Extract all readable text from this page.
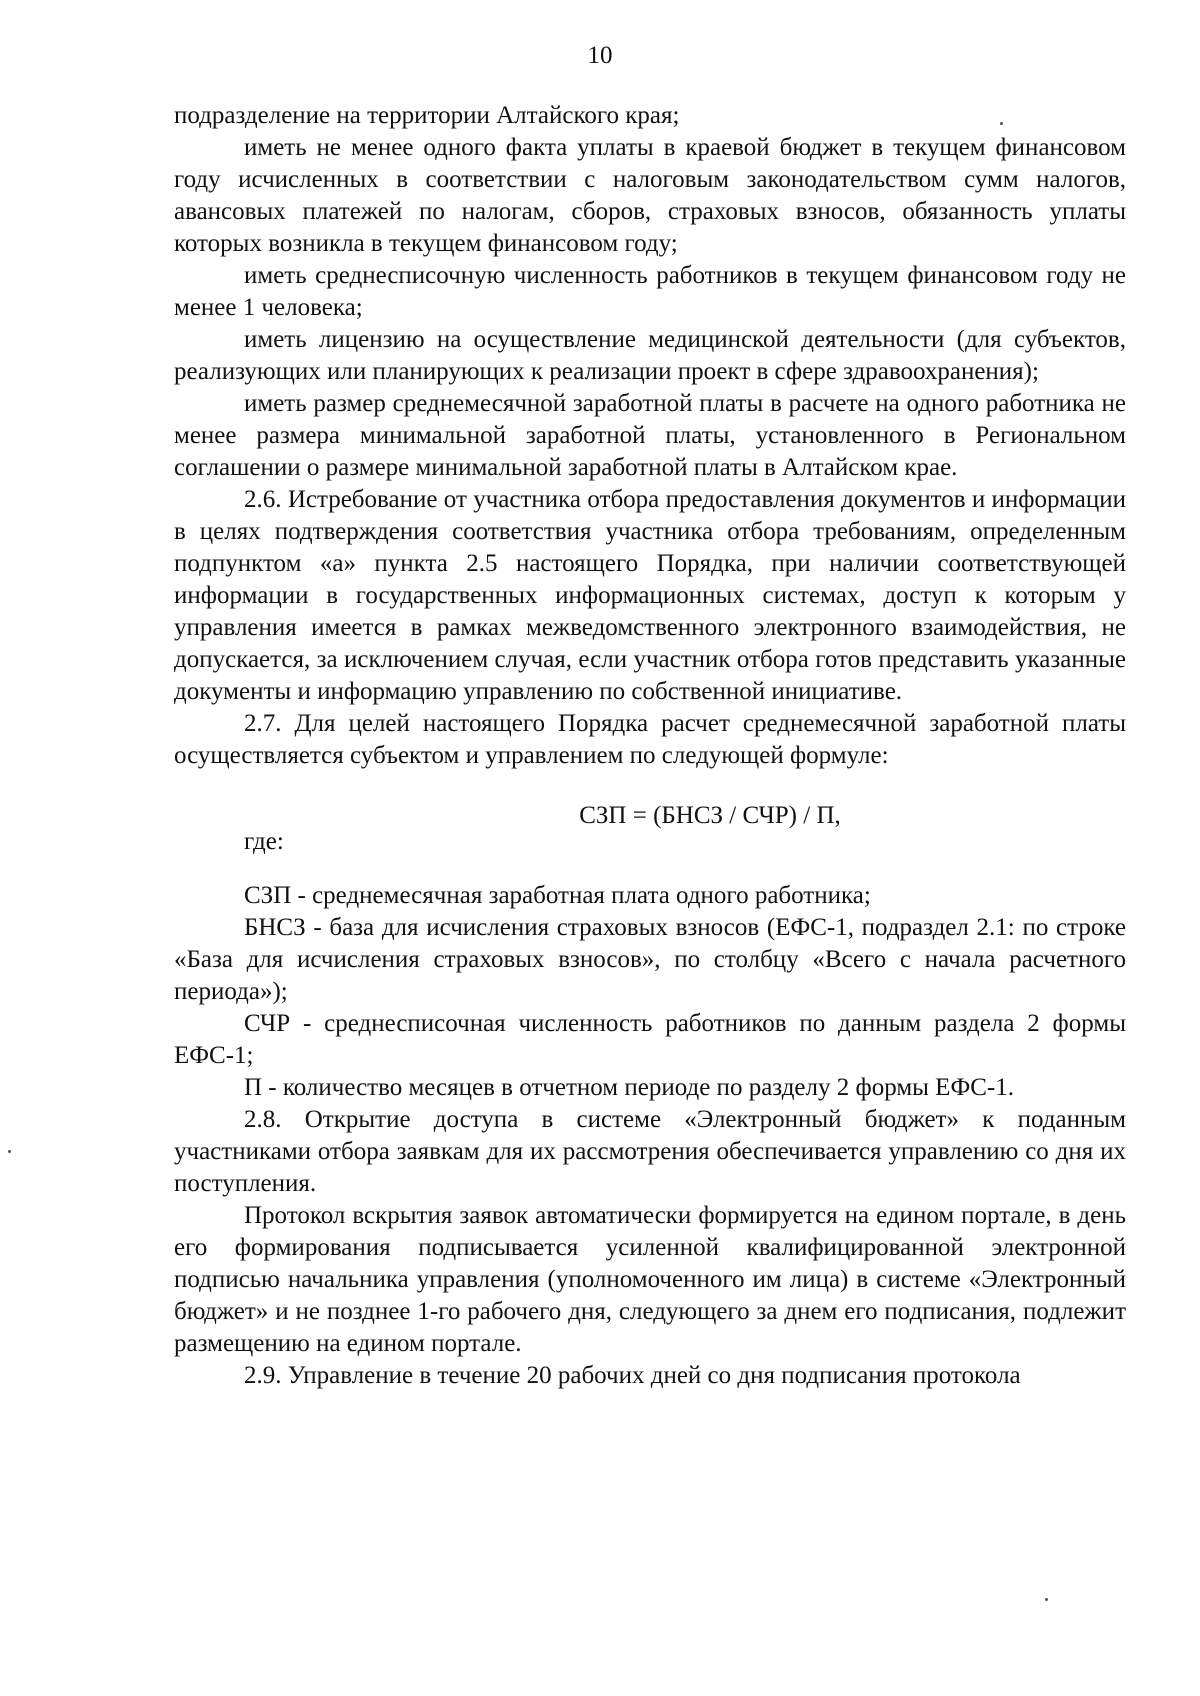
10

подразделение на территории Алтайского края;

иметь не менее одного факта уплаты в краевой бюджет в текущем финансовом году исчисленных в соответствии с налоговым законодательством сумм налогов, авансовых платежей по налогам, сборов, страховых взносов, обязанность уплаты которых возникла в текущем финансовом году;

иметь среднесписочную численность работников в текущем финансовом году не менее 1 человека;

иметь лицензию на осуществление медицинской деятельности (для субъектов, реализующих или планирующих к реализации проект в сфере здравоохранения);

иметь размер среднемесячной заработной платы в расчете на одного работника не менее размера минимальной заработной платы, установленного в Региональном соглашении о размере минимальной заработной платы в Алтайском крае.

2.6. Истребование от участника отбора предоставления документов и информации в целях подтверждения соответствия участника отбора требованиям, определенным подпунктом «а» пункта 2.5 настоящего Порядка, при наличии соответствующей информации в государственных информационных системах, доступ к которым у управления имеется в рамках межведомственного электронного взаимодействия, не допускается, за исключением случая, если участник отбора готов представить указанные документы и информацию управлению по собственной инициативе.

2.7. Для целей настоящего Порядка расчет среднемесячной заработной платы осуществляется субъектом и управлением по следующей формуле:

СЗП = (БНСЗ / СЧР) / П,

где:

СЗП - среднемесячная заработная плата одного работника;

БНСЗ - база для исчисления страховых взносов (ЕФС-1, подраздел 2.1: по строке «База для исчисления страховых взносов», по столбцу «Всего с начала расчетного периода»);

СЧР - среднесписочная численность работников по данным раздела 2 формы ЕФС-1;

П - количество месяцев в отчетном периоде по разделу 2 формы ЕФС-1.

2.8. Открытие доступа в системе «Электронный бюджет» к поданным участниками отбора заявкам для их рассмотрения обеспечивается управлению со дня их поступления.

Протокол вскрытия заявок автоматически формируется на едином портале, в день его формирования подписывается усиленной квалифицированной электронной подписью начальника управления (уполномоченного им лица) в системе «Электронный бюджет» и не позднее 1-го рабочего дня, следующего за днем его подписания, подлежит размещению на едином портале.

2.9. Управление в течение 20 рабочих дней со дня подписания протокола
